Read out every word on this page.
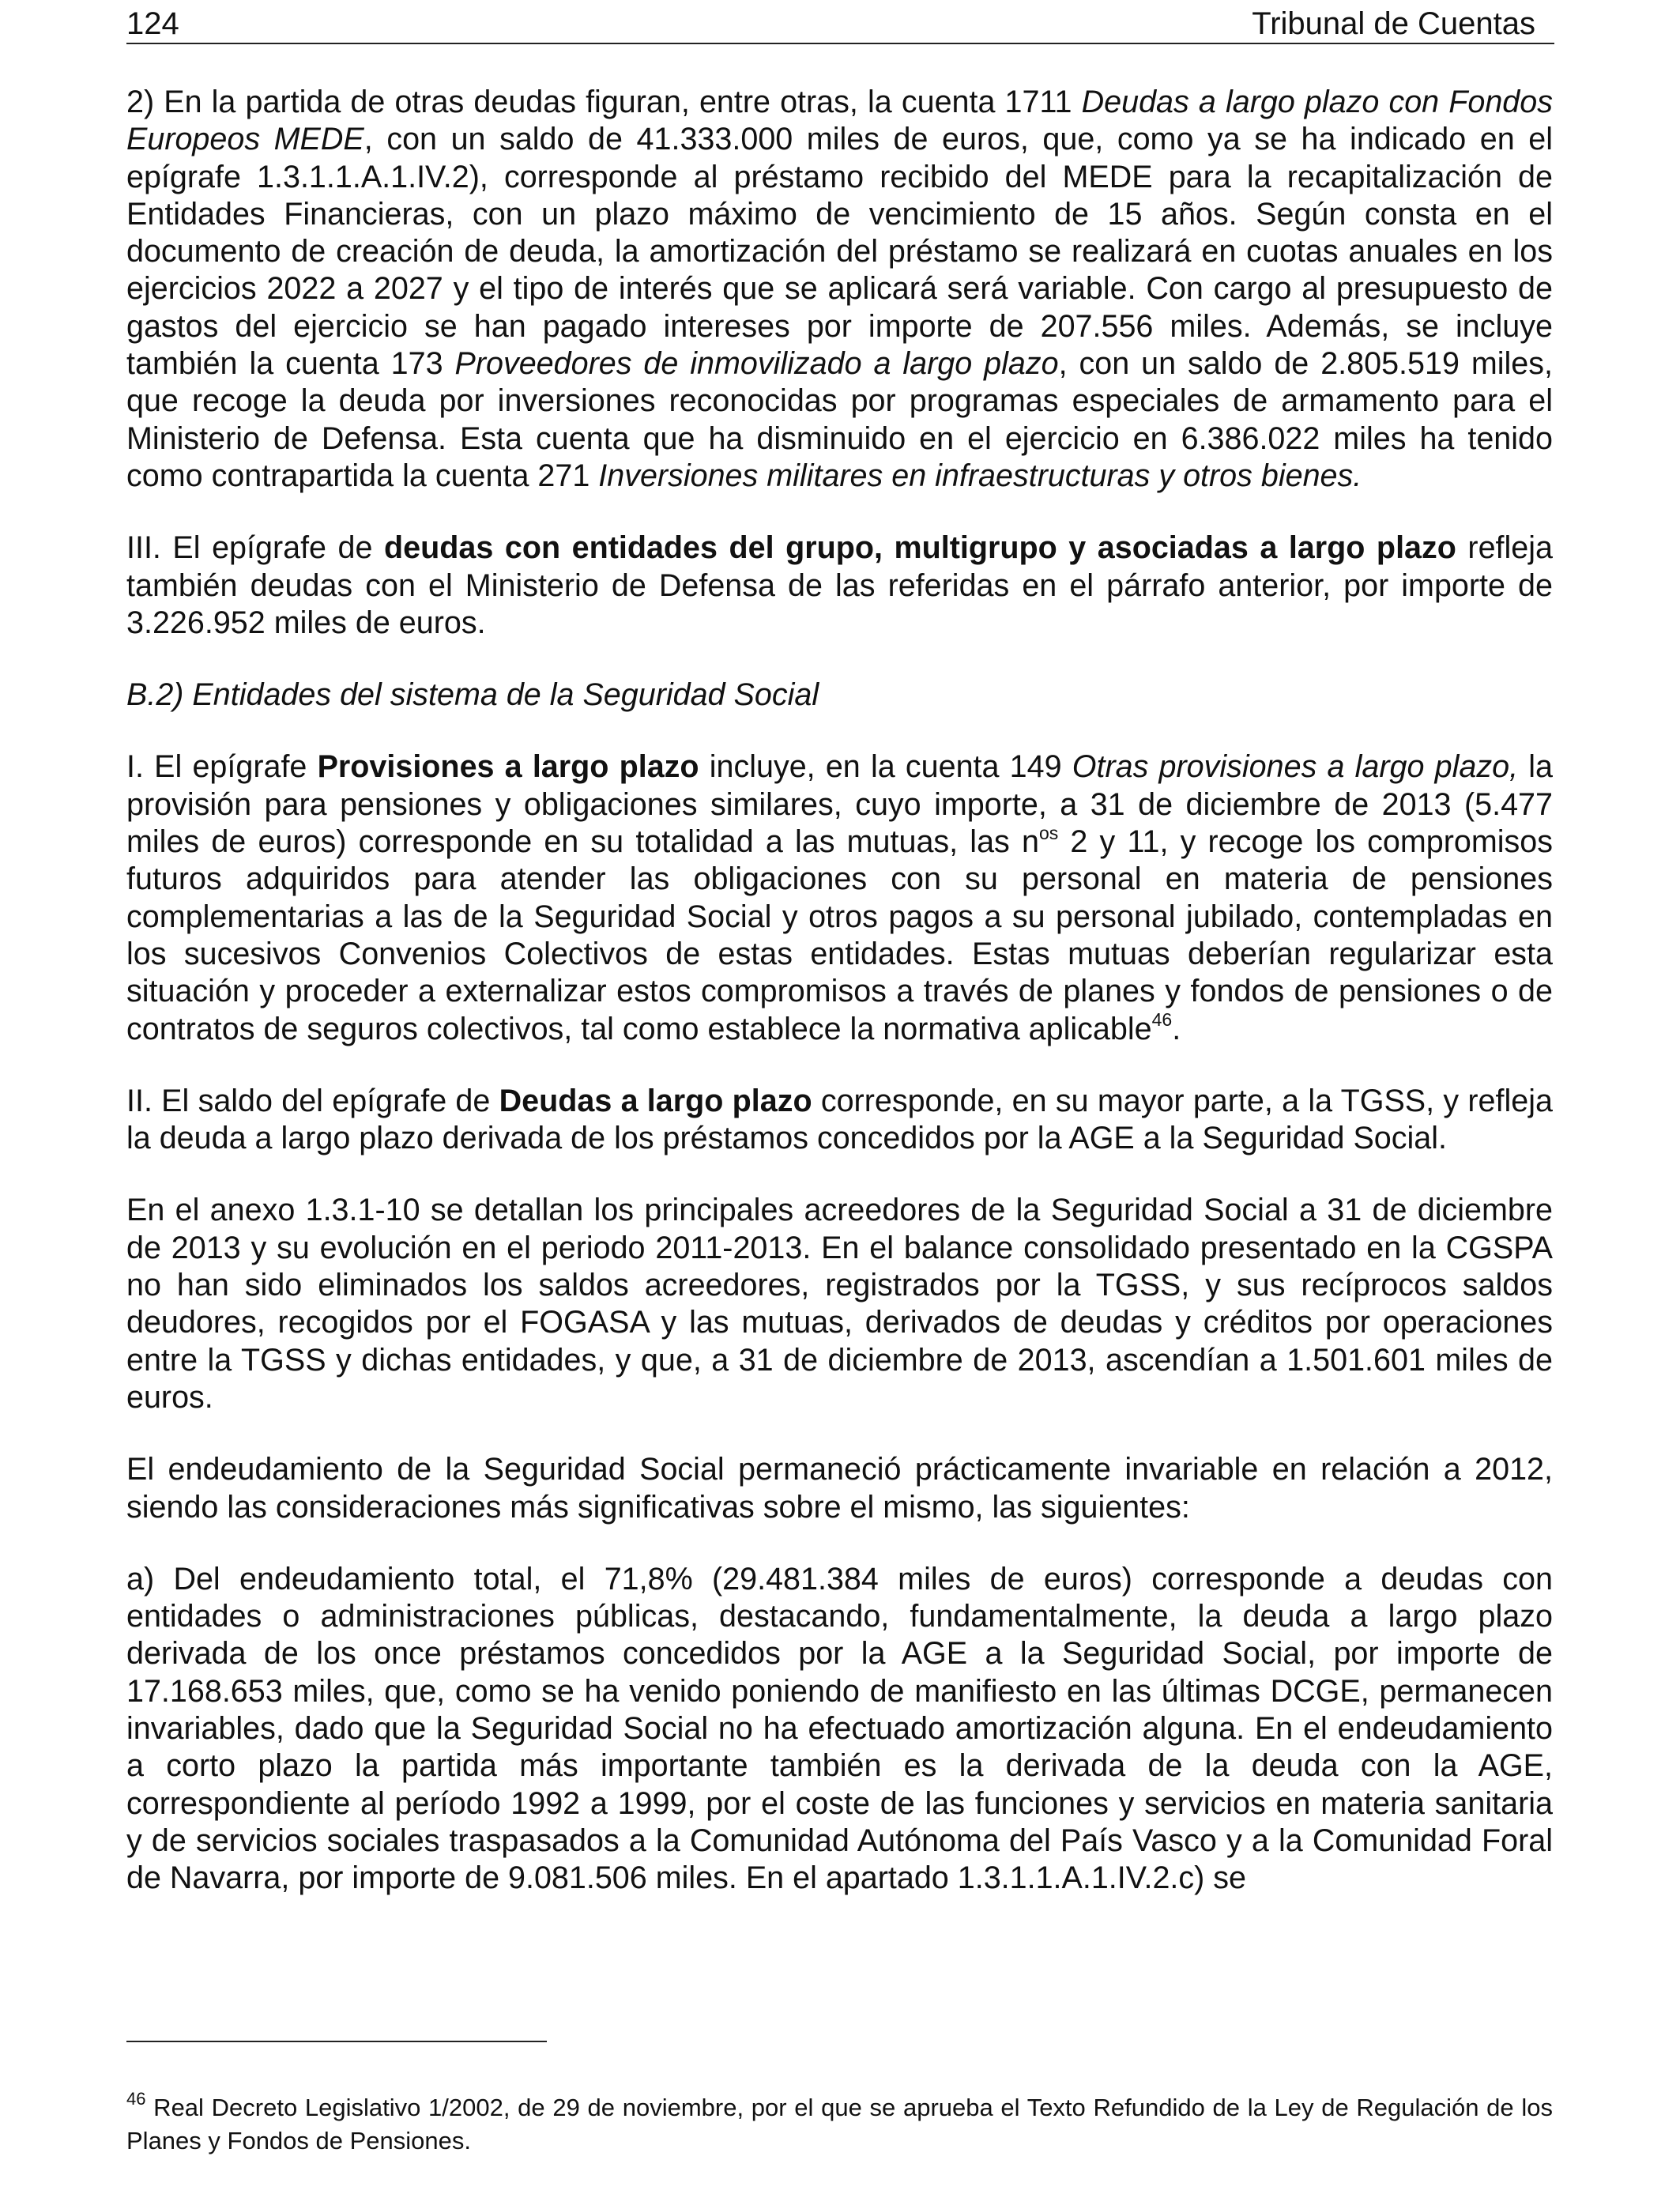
124	Tribunal de Cuentas

2) En la partida de otras deudas figuran, entre otras, la cuenta 1711 Deudas a largo plazo con Fondos Europeos MEDE, con un saldo de 41.333.000 miles de euros, que, como ya se ha indicado en el epígrafe 1.3.1.1.A.1.IV.2), corresponde al préstamo recibido del MEDE para la recapitalización de Entidades Financieras, con un plazo máximo de vencimiento de 15 años. Según consta en el documento de creación de deuda, la amortización del préstamo se realizará en cuotas anuales en los ejercicios 2022 a 2027 y el tipo de interés que se aplicará será variable. Con cargo al presupuesto de gastos del ejercicio se han pagado intereses por importe de 207.556 miles. Además, se incluye también la cuenta 173 Proveedores de inmovilizado a largo plazo, con un saldo de 2.805.519 miles, que recoge la deuda por inversiones reconocidas por programas especiales de armamento para el Ministerio de Defensa. Esta cuenta que ha disminuido en el ejercicio en 6.386.022 miles ha tenido como contrapartida la cuenta 271 Inversiones militares en infraestructuras y otros bienes.

III. El epígrafe de deudas con entidades del grupo, multigrupo y asociadas a largo plazo refleja también deudas con el Ministerio de Defensa de las referidas en el párrafo anterior, por importe de 3.226.952 miles de euros.

B.2) Entidades del sistema de la Seguridad Social

I. El epígrafe Provisiones a largo plazo incluye, en la cuenta 149 Otras provisiones a largo plazo, la provisión para pensiones y obligaciones similares, cuyo importe, a 31 de diciembre de 2013 (5.477 miles de euros) corresponde en su totalidad a las mutuas, las $n^{os}$ 2 y 11, y recoge los compromisos futuros adquiridos para atender las obligaciones con su personal en materia de pensiones complementarias a las de la Seguridad Social y otros pagos a su personal jubilado, contempladas en los sucesivos Convenios Colectivos de estas entidades. Estas mutuas deberían regularizar esta situación y proceder a externalizar estos compromisos a través de planes y fondos de pensiones o de contratos de seguros colectivos, tal como establece la normativa aplicable$^{46}$.

II. El saldo del epígrafe de Deudas a largo plazo corresponde, en su mayor parte, a la TGSS, y refleja la deuda a largo plazo derivada de los préstamos concedidos por la AGE a la Seguridad Social.

En el anexo 1.3.1-10 se detallan los principales acreedores de la Seguridad Social a 31 de diciembre de 2013 y su evolución en el periodo 2011-2013. En el balance consolidado presentado en la CGSPA no han sido eliminados los saldos acreedores, registrados por la TGSS, y sus recíprocos saldos deudores, recogidos por el FOGASA y las mutuas, derivados de deudas y créditos por operaciones entre la TGSS y dichas entidades, y que, a 31 de diciembre de 2013, ascendían a 1.501.601 miles de euros.

El endeudamiento de la Seguridad Social permaneció prácticamente invariable en relación a 2012, siendo las consideraciones más significativas sobre el mismo, las siguientes:

a) Del endeudamiento total, el 71,8% (29.481.384 miles de euros) corresponde a deudas con entidades o administraciones públicas, destacando, fundamentalmente, la deuda a largo plazo derivada de los once préstamos concedidos por la AGE a la Seguridad Social, por importe de 17.168.653 miles, que, como se ha venido poniendo de manifiesto en las últimas DCGE, permanecen invariables, dado que la Seguridad Social no ha efectuado amortización alguna. En el endeudamiento a corto plazo la partida más importante también es la derivada de la deuda con la AGE, correspondiente al período 1992 a 1999, por el coste de las funciones y servicios en materia sanitaria y de servicios sociales traspasados a la Comunidad Autónoma del País Vasco y a la Comunidad Foral de Navarra, por importe de 9.081.506 miles. En el apartado 1.3.1.1.A.1.IV.2.c) se

$^{46}$ Real Decreto Legislativo 1/2002, de 29 de noviembre, por el que se aprueba el Texto Refundido de la Ley de Regulación de los Planes y Fondos de Pensiones.
